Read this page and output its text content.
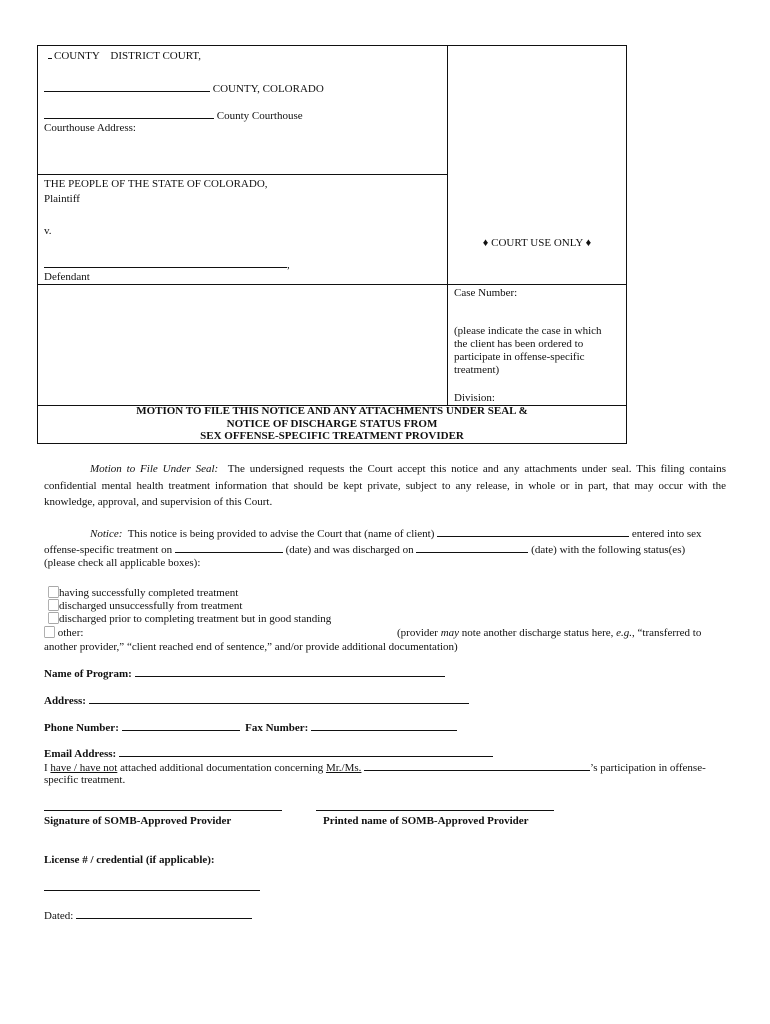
COUNTY    DISTRICT COURT,
COUNTY, COLORADO
County Courthouse
Courthouse Address:
THE PEOPLE OF THE STATE OF COLORADO,
Plaintiff
v.
,
Defendant
♦ COURT USE ONLY ♦
Case Number:
(please indicate the case in which
the client has been ordered to
participate in offense-specific
treatment)
Division:
MOTION TO FILE THIS NOTICE AND ANY ATTACHMENTS UNDER SEAL &
NOTICE OF DISCHARGE STATUS FROM
SEX OFFENSE-SPECIFIC TREATMENT PROVIDER
Motion to File Under Seal: The undersigned requests the Court accept this notice and any attachments under seal. This filing contains confidential mental health treatment information that should be kept private, subject to any release, in whole or in part, that may occur with the knowledge, approval, and supervision of this Court.
Notice: This notice is being provided to advise the Court that (name of client)	entered into sex
offense-specific treatment on	(date) and was discharged on	(date) with the following status(es)
(please check all applicable boxes):
⃞having successfully completed treatment
⃞discharged unsuccessfully from treatment
⃞discharged prior to completing treatment but in good standing
⃞ other:	(provider may note another discharge status here, e.g., “transferred to
another provider,” “client reached end of sentence,” and/or provide additional documentation)
Name of Program:
Address:
Phone Number:	Fax Number:
Email Address:
I have / have not attached additional documentation concerning Mr./Ms.	’s participation in offense-
specific treatment.
Signature of SOMB-Approved Provider	Printed name of SOMB-Approved Provider
License # / credential (if applicable):
Dated:
